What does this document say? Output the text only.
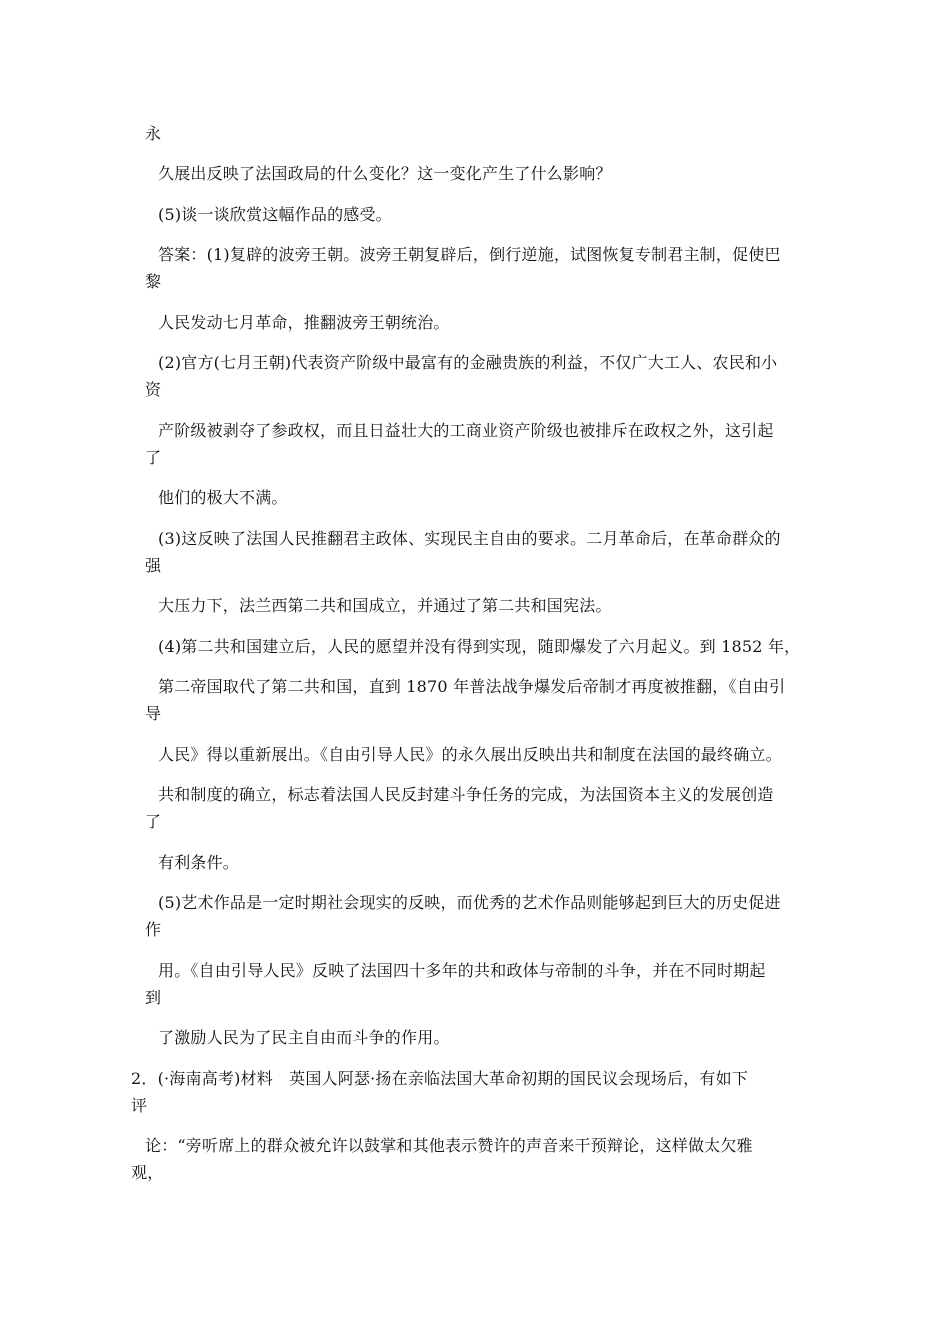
永
久展出反映了法国政局的什么变化？这一变化产生了什么影响？
(5)谈一谈欣赏这幅作品的感受。
答案：(1)复辟的波旁王朝。波旁王朝复辟后，倒行逆施，试图恢复专制君主制，促使巴
黎
人民发动七月革命，推翻波旁王朝统治。
(2)官方(七月王朝)代表资产阶级中最富有的金融贵族的利益，不仅广大工人、农民和小
资
产阶级被剥夺了参政权，而且日益壮大的工商业资产阶级也被排斥在政权之外，这引起
了
他们的极大不满。
(3)这反映了法国人民推翻君主政体、实现民主自由的要求。二月革命后，在革命群众的
强
大压力下，法兰西第二共和国成立，并通过了第二共和国宪法。
(4)第二共和国建立后，人民的愿望并没有得到实现，随即爆发了六月起义。到 1852 年，
第二帝国取代了第二共和国，直到 1870 年普法战争爆发后帝制才再度被推翻，《自由引
导
人民》得以重新展出。《自由引导人民》的永久展出反映出共和制度在法国的最终确立。
共和制度的确立，标志着法国人民反封建斗争任务的完成，为法国资本主义的发展创造
了
有利条件。
(5)艺术作品是一定时期社会现实的反映，而优秀的艺术作品则能够起到巨大的历史促进
作
用。《自由引导人民》反映了法国四十多年的共和政体与帝制的斗争，并在不同时期起
到
了激励人民为了民主自由而斗争的作用。
2．(·海南高考)材料　英国人阿瑟·扬在亲临法国大革命初期的国民议会现场后，有如下
评
论：“旁听席上的群众被允许以鼓掌和其他表示赞许的声音来干预辩论，这样做太欠雅
观，
